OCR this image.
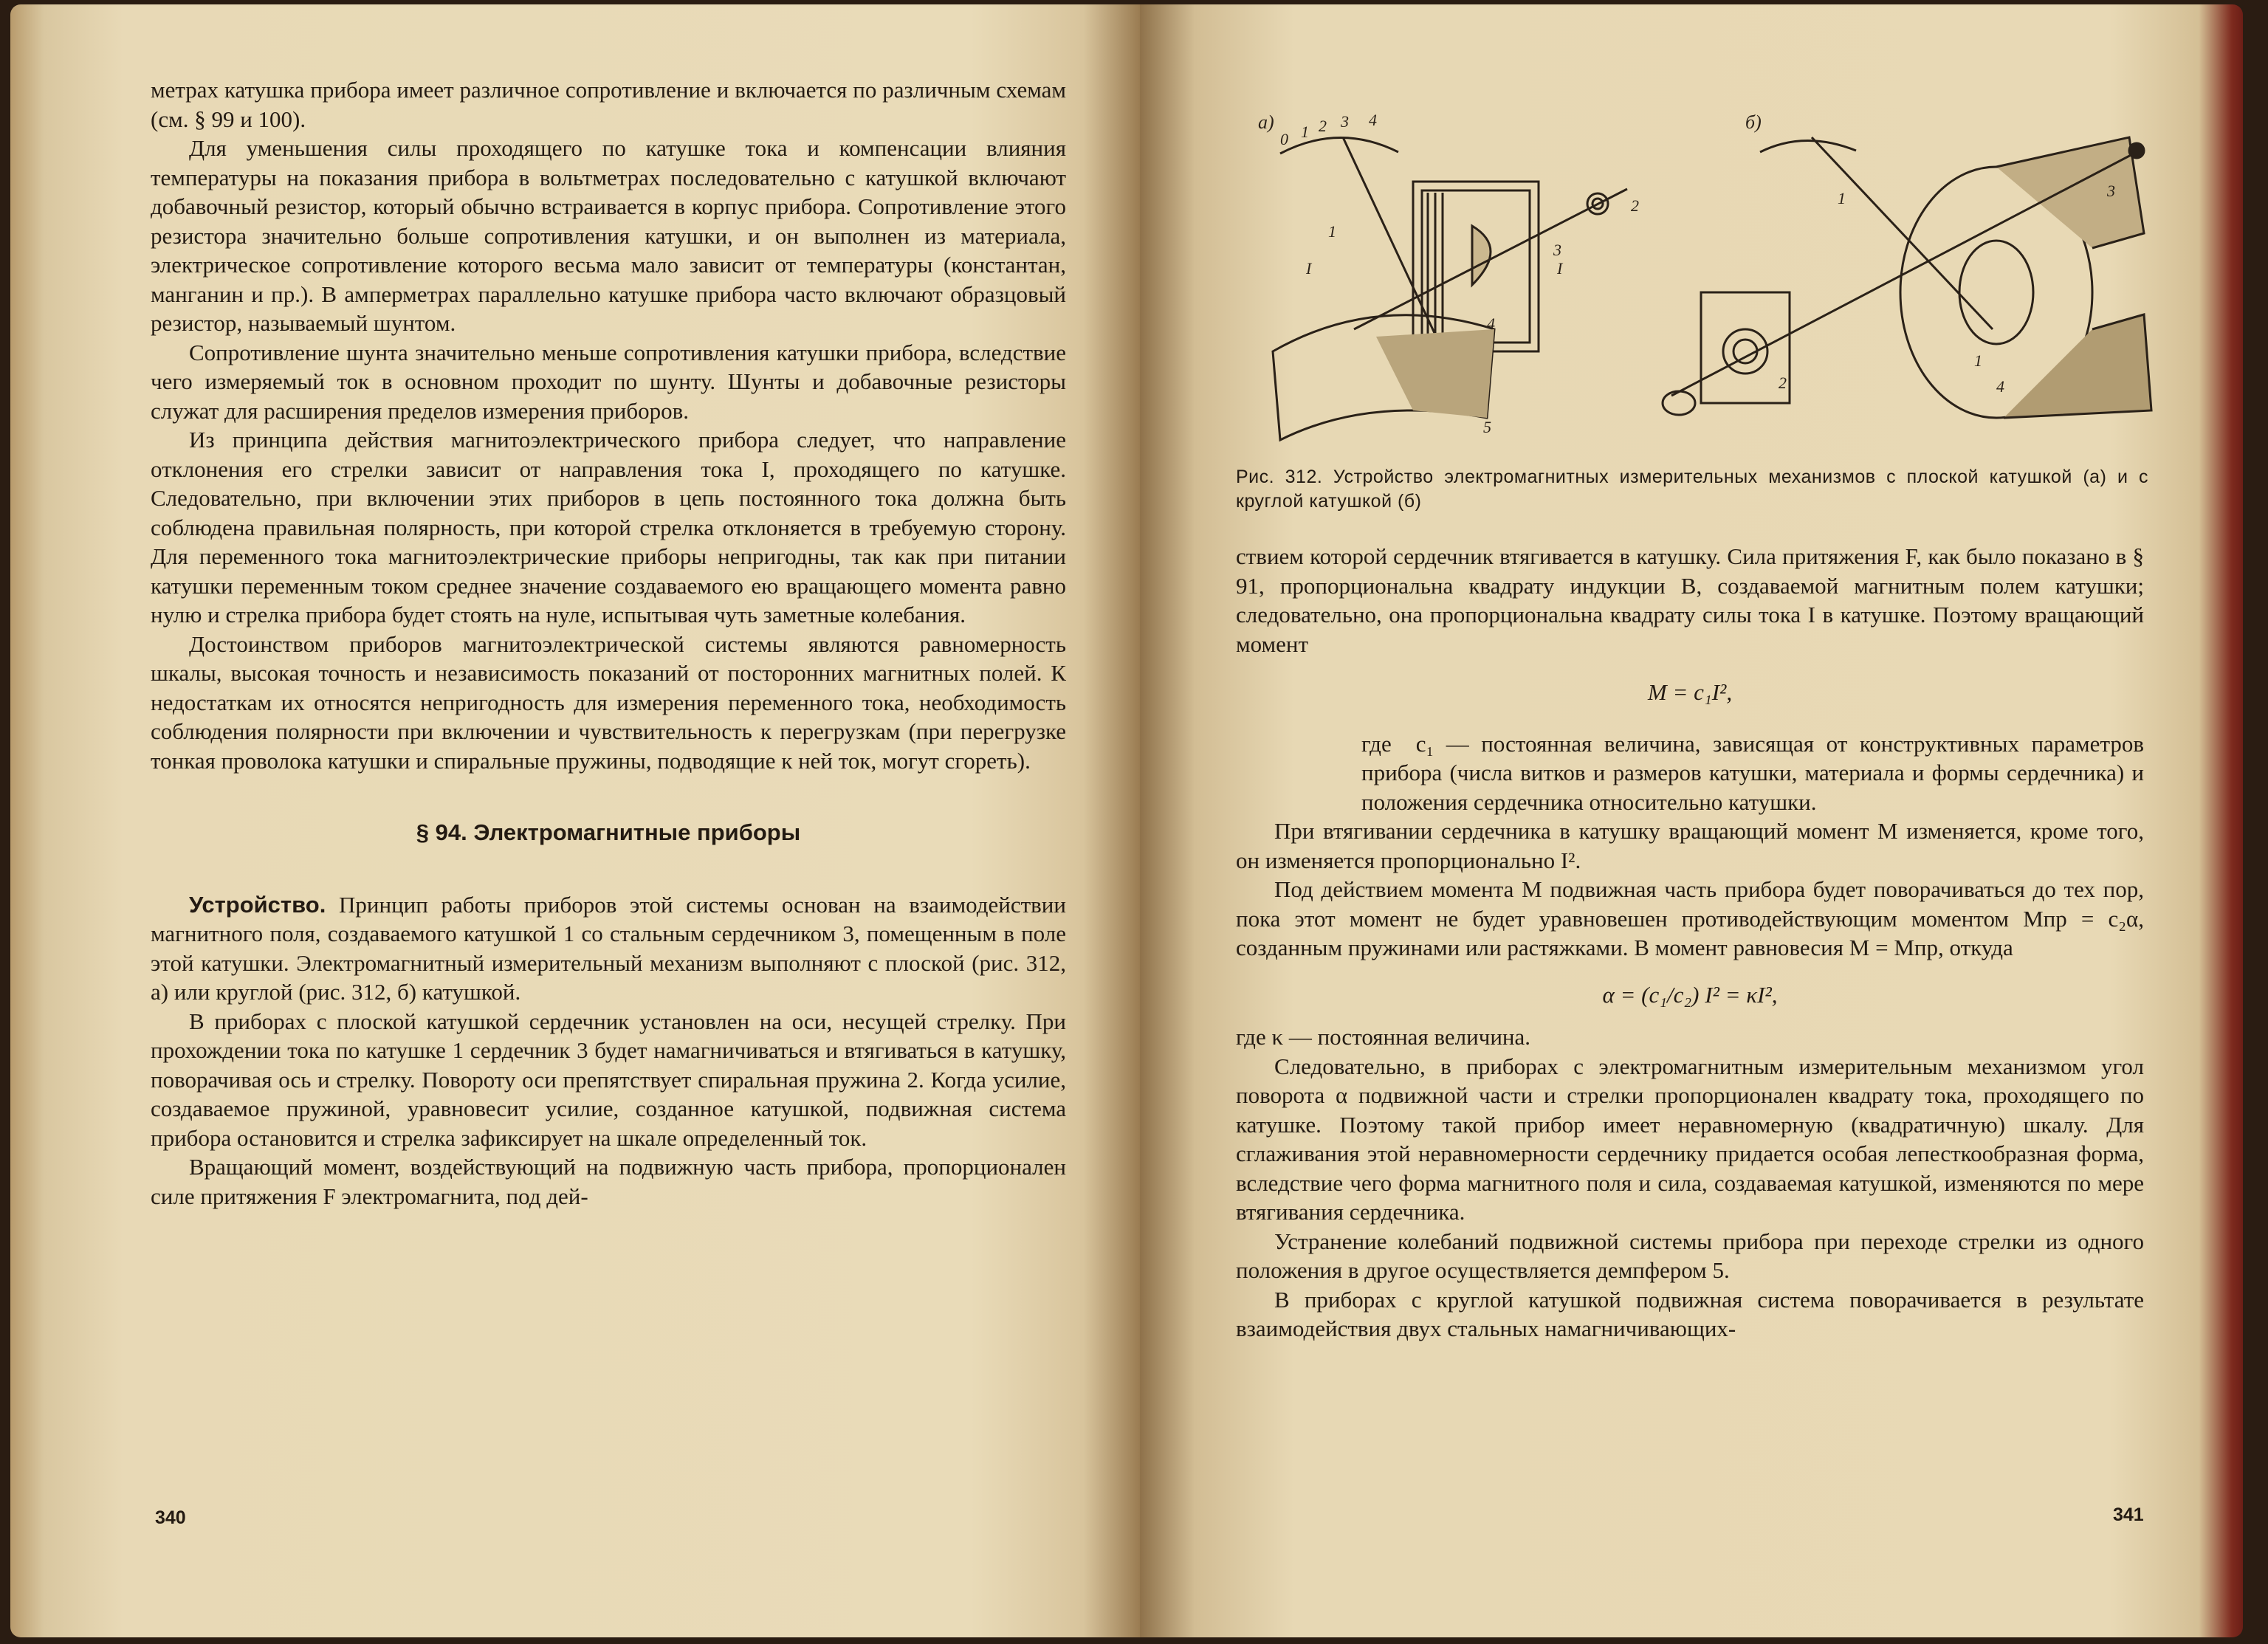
метрах катушка прибора имеет различное сопротивление и включается по различным схемам (см. § 99 и 100).

Для уменьшения силы проходящего по катушке тока и компенсации влияния температуры на показания прибора в вольтметрах последовательно с катушкой включают добавочный резистор, который обычно встраивается в корпус прибора. Сопротивление этого резистора значительно больше сопротивления катушки, и он выполнен из материала, электрическое сопротивление которого весьма мало зависит от температуры (константан, манганин и пр.). В амперметрах параллельно катушке прибора часто включают образцовый резистор, называемый шунтом.

Сопротивление шунта значительно меньше сопротивления катушки прибора, вследствие чего измеряемый ток в основном проходит по шунту. Шунты и добавочные резисторы служат для расширения пределов измерения приборов.

Из принципа действия магнитоэлектрического прибора следует, что направление отклонения его стрелки зависит от направления тока I, проходящего по катушке. Следовательно, при включении этих приборов в цепь постоянного тока должна быть соблюдена правильная полярность, при которой стрелка отклоняется в требуемую сторону. Для переменного тока магнитоэлектрические приборы непригодны, так как при питании катушки переменным током среднее значение создаваемого ею вращающего момента равно нулю и стрелка прибора будет стоять на нуле, испытывая чуть заметные колебания.

Достоинством приборов магнитоэлектрической системы являются равномерность шкалы, высокая точность и независимость показаний от посторонних магнитных полей. К недостаткам их относятся непригодность для измерения переменного тока, необходимость соблюдения полярности при включении и чувствительность к перегрузкам (при перегрузке тонкая проволока катушки и спиральные пружины, подводящие к ней ток, могут сгореть).

§ 94. Электромагнитные приборы

Устройство. Принцип работы приборов этой системы основан на взаимодействии магнитного поля, создаваемого катушкой 1 со стальным сердечником 3, помещенным в поле этой катушки. Электромагнитный измерительный механизм выполняют с плоской (рис. 312, а) или круглой (рис. 312, б) катушкой.

В приборах с плоской катушкой сердечник установлен на оси, несущей стрелку. При прохождении тока по катушке 1 сердечник 3 будет намагничиваться и втягиваться в катушку, поворачивая ось и стрелку. Повороту оси препятствует спиральная пружина 2. Когда усилие, создаваемое пружиной, уравновесит усилие, созданное катушкой, подвижная система прибора остановится и стрелка зафиксирует на шкале определенный ток.

Вращающий момент, воздействующий на подвижную часть прибора, пропорционален силе притяжения F электромагнита, под дей-

340
а)
0 1 2 3 4
1
2
3
4
5
I	I
б)
1
1
2
3
4
Рис. 312. Устройство электромагнитных измерительных механизмов с плоской катушкой (а) и с круглой катушкой (б)

ствием которой сердечник втягивается в катушку. Сила притяжения F, как было показано в § 91, пропорциональна квадрату индукции B, создаваемой магнитным полем катушки; следовательно, она пропорциональна квадрату силы тока I в катушке. Поэтому вращающий момент

M = c₁I²,

где c₁ — постоянная величина, зависящая от конструктивных параметров прибора (числа витков и размеров катушки, материала и формы сердечника) и положения сердечника относительно катушки.

При втягивании сердечника в катушку вращающий момент M изменяется, кроме того, он изменяется пропорционально I².

Под действием момента M подвижная часть прибора будет поворачиваться до тех пор, пока этот момент не будет уравновешен противодействующим моментом Mпр = c₂α, созданным пружинами или растяжками. В момент равновесия M = Mпр, откуда

α = (c₁/c₂) I² = κI²,

где κ — постоянная величина.

Следовательно, в приборах с электромагнитным измерительным механизмом угол поворота α подвижной части и стрелки пропорционален квадрату тока, проходящего по катушке. Поэтому такой прибор имеет неравномерную (квадратичную) шкалу. Для сглаживания этой неравномерности сердечнику придается особая лепесткообразная форма, вследствие чего форма магнитного поля и сила, создаваемая катушкой, изменяются по мере втягивания сердечника.

Устранение колебаний подвижной системы прибора при переходе стрелки из одного положения в другое осуществляется демпфером 5.

В приборах с круглой катушкой подвижная система поворачивается в результате взаимодействия двух стальных намагничивающих-

341
